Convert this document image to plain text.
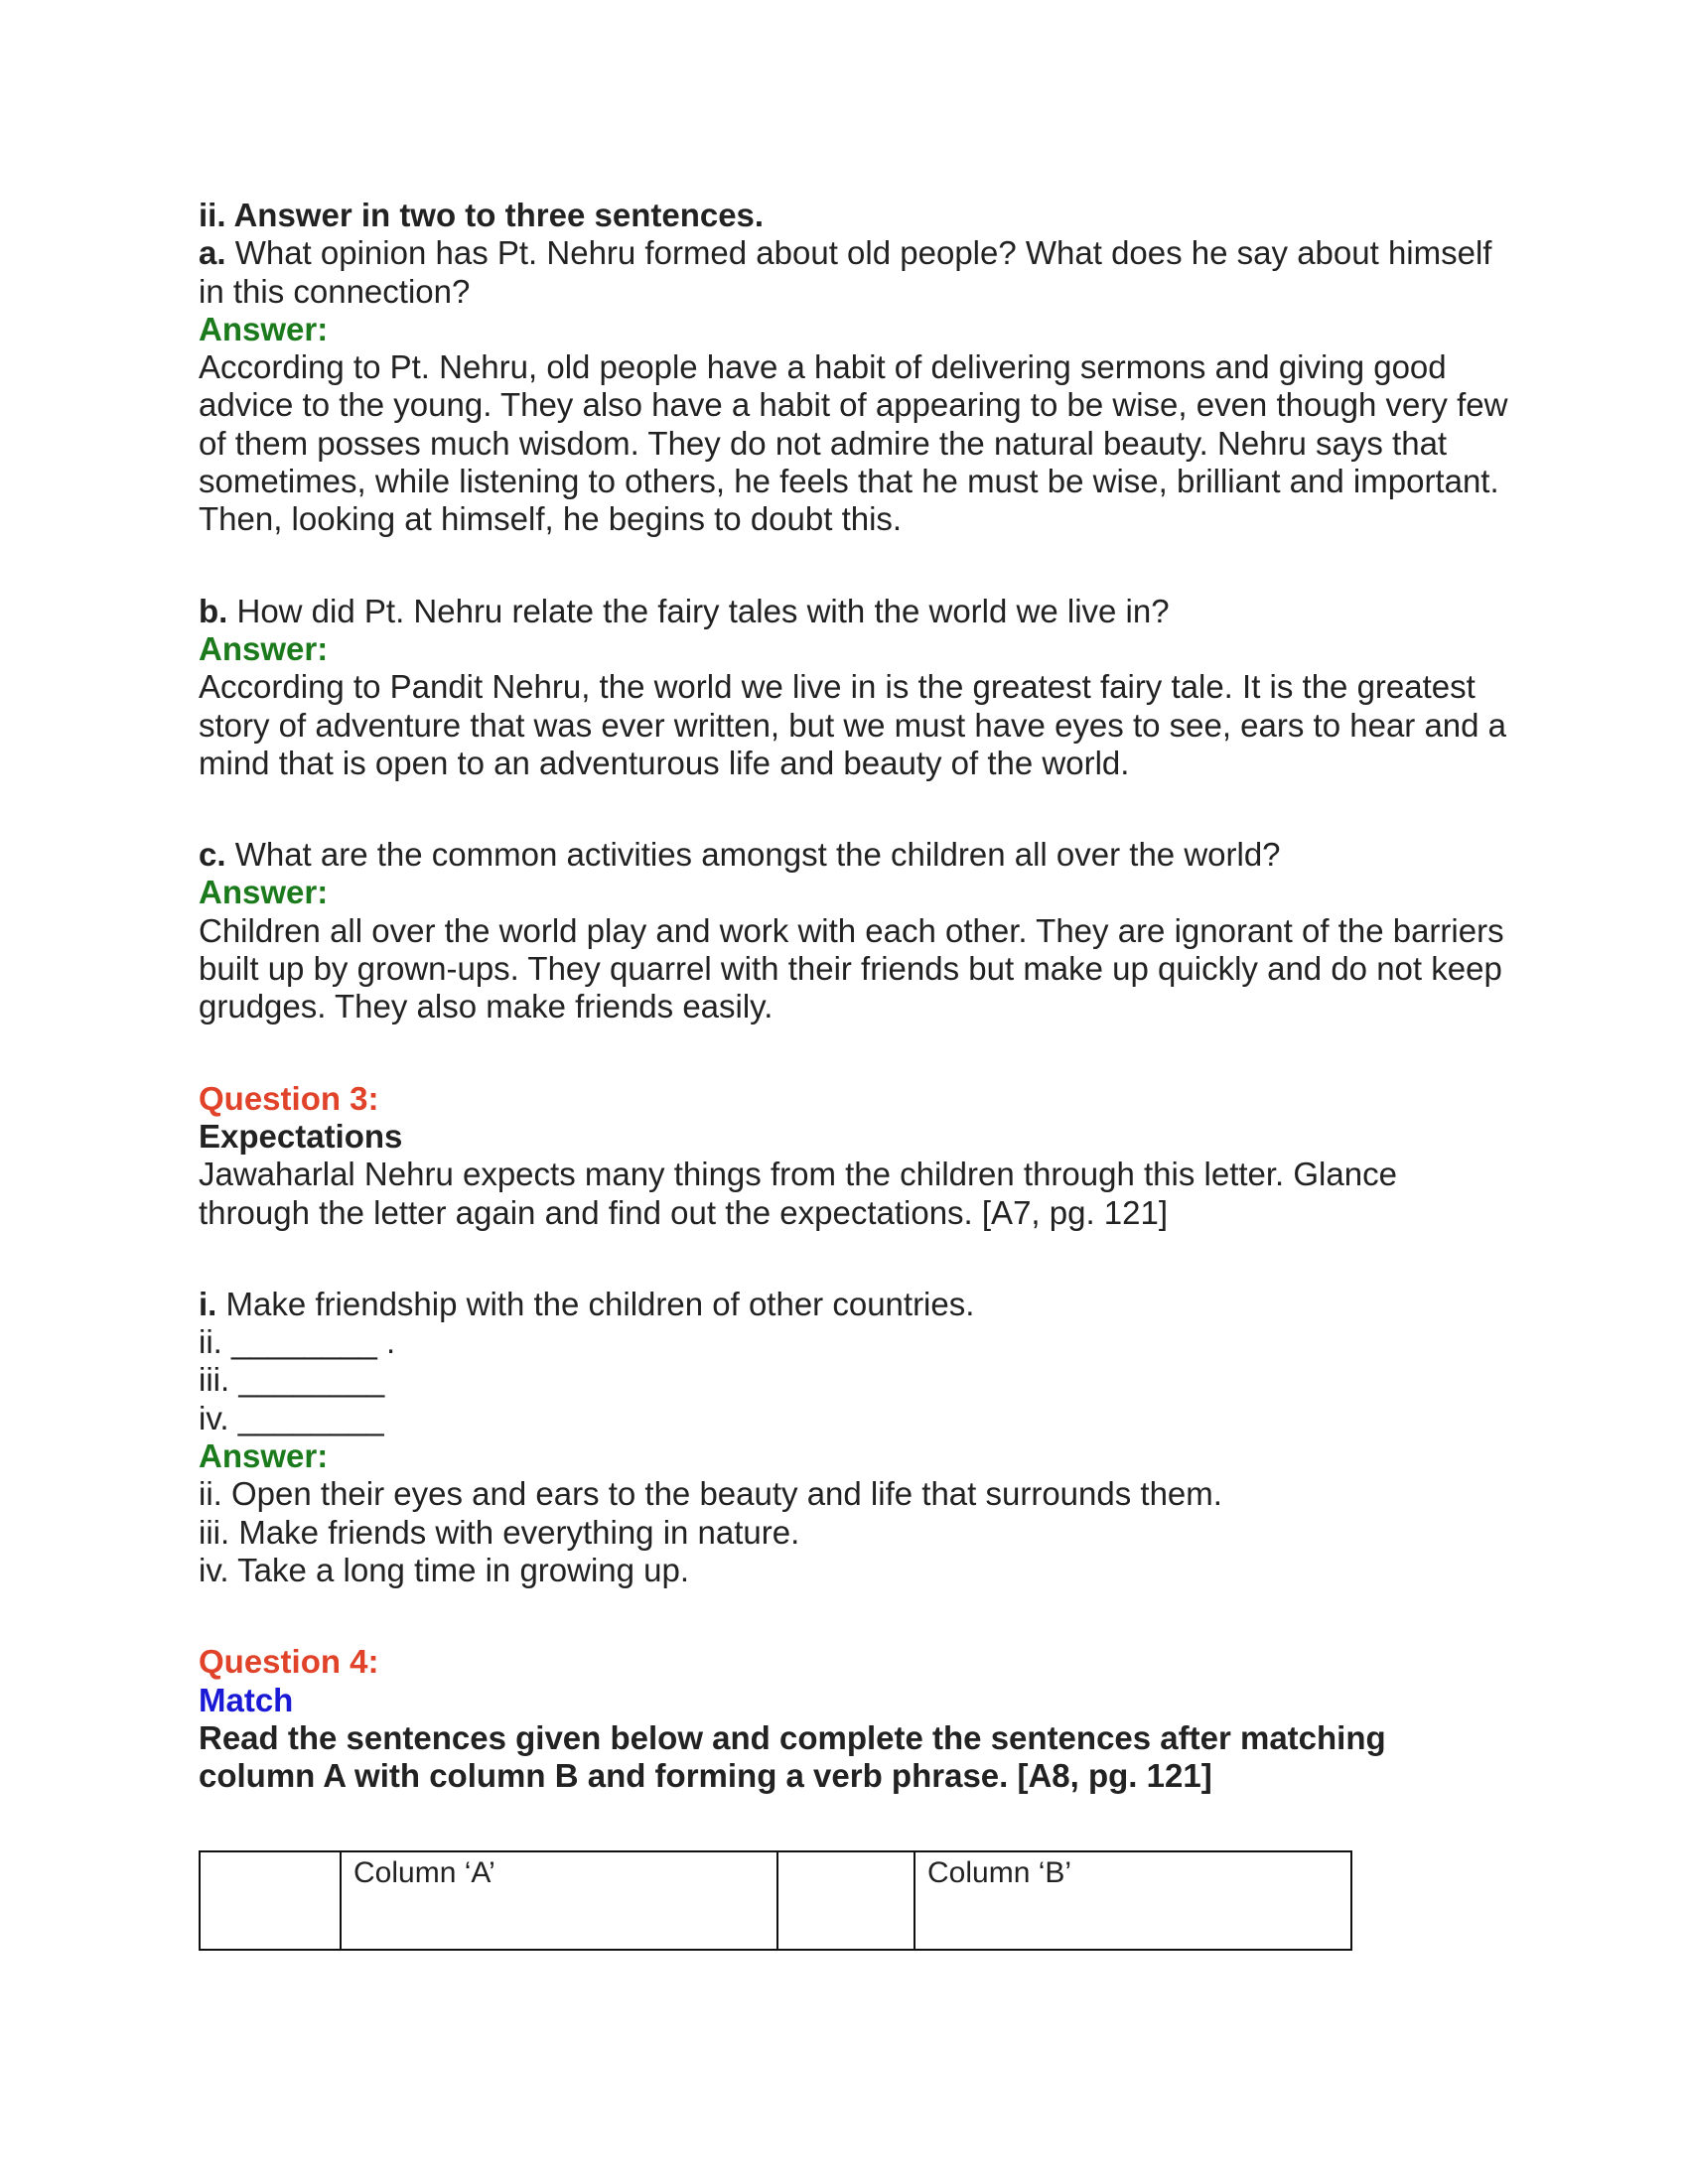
ii. Answer in two to three sentences.

a. What opinion has Pt. Nehru formed about old people? What does he say about himself in this connection?

Answer:

According to Pt. Nehru, old people have a habit of delivering sermons and giving good advice to the young. They also have a habit of appearing to be wise, even though very few of them posses much wisdom. They do not admire the natural beauty. Nehru says that sometimes, while listening to others, he feels that he must be wise, brilliant and important. Then, looking at himself, he begins to doubt this.

b. How did Pt. Nehru relate the fairy tales with the world we live in?

Answer:

According to Pandit Nehru, the world we live in is the greatest fairy tale. It is the greatest story of adventure that was ever written, but we must have eyes to see, ears to hear and a mind that is open to an adventurous life and beauty of the world.

c. What are the common activities amongst the children all over the world?

Answer:

Children all over the world play and work with each other. They are ignorant of the barriers built up by grown-ups. They quarrel with their friends but make up quickly and do not keep grudges. They also make friends easily.

Question 3:

Expectations

Jawaharlal Nehru expects many things from the children through this letter. Glance through the letter again and find out the expectations. [A7, pg. 121]

i. Make friendship with the children of other countries.

ii. ________ .

iii. ________

iv. ________

Answer:

ii. Open their eyes and ears to the beauty and life that surrounds them.

iii. Make friends with everything in nature.

iv. Take a long time in growing up.

Question 4:

Match

Read the sentences given below and complete the sentences after matching column A with column B and forming a verb phrase. [A8, pg. 121]

	Column ‘A’		Column ‘B’
